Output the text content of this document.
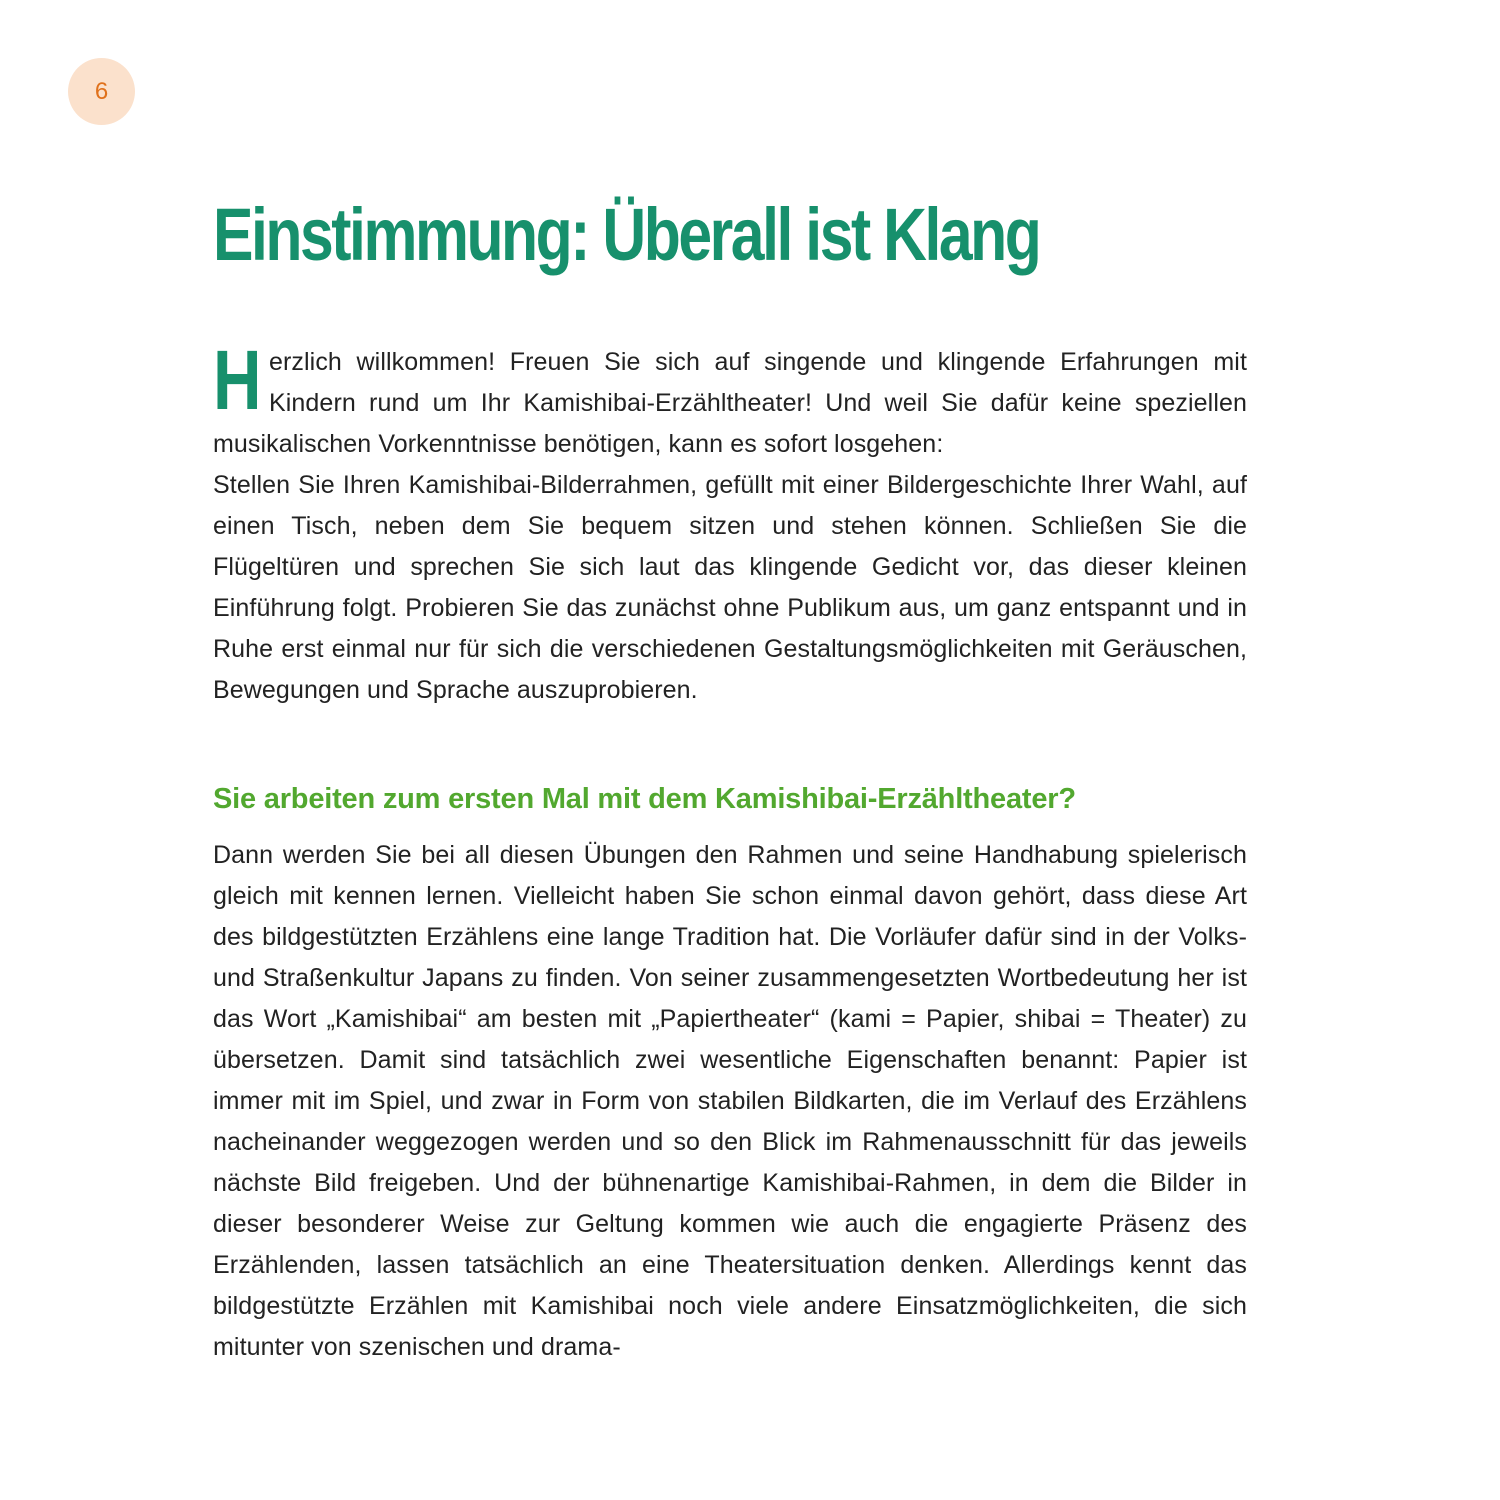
6
Einstimmung: Überall ist Klang

Herzlich willkommen! Freuen Sie sich auf singende und klingende Erfahrungen mit Kindern rund um Ihr Kamishibai-Erzähltheater! Und weil Sie dafür keine speziellen musikalischen Vorkenntnisse benötigen, kann es sofort losgehen:

Stellen Sie Ihren Kamishibai-Bilderrahmen, gefüllt mit einer Bildergeschichte Ihrer Wahl, auf einen Tisch, neben dem Sie bequem sitzen und stehen können. Schließen Sie die Flügeltüren und sprechen Sie sich laut das klingende Gedicht vor, das dieser kleinen Einführung folgt. Probieren Sie das zunächst ohne Publikum aus, um ganz entspannt und in Ruhe erst einmal nur für sich die verschiedenen Gestaltungsmöglichkeiten mit Geräuschen, Bewegungen und Sprache auszuprobieren.

Sie arbeiten zum ersten Mal mit dem Kamishibai-Erzähltheater?

Dann werden Sie bei all diesen Übungen den Rahmen und seine Handhabung spielerisch gleich mit kennen lernen. Vielleicht haben Sie schon einmal davon gehört, dass diese Art des bildgestützten Erzählens eine lange Tradition hat. Die Vorläufer dafür sind in der Volks- und Straßenkultur Japans zu finden. Von seiner zusammengesetzten Wortbedeutung her ist das Wort „Kamishibai“ am besten mit „Papiertheater“ (kami = Papier, shibai = Theater) zu übersetzen. Damit sind tatsächlich zwei wesentliche Eigenschaften benannt: Papier ist immer mit im Spiel, und zwar in Form von stabilen Bildkarten, die im Verlauf des Erzählens nacheinander weggezogen werden und so den Blick im Rahmenausschnitt für das jeweils nächste Bild freigeben. Und der bühnenartige Kamishibai-Rahmen, in dem die Bilder in dieser besonderer Weise zur Geltung kommen wie auch die engagierte Präsenz des Erzählenden, lassen tatsächlich an eine Theatersituation denken. Allerdings kennt das bildgestützte Erzählen mit Kamishibai noch viele andere Einsatzmöglichkeiten, die sich mitunter von szenischen und drama-
